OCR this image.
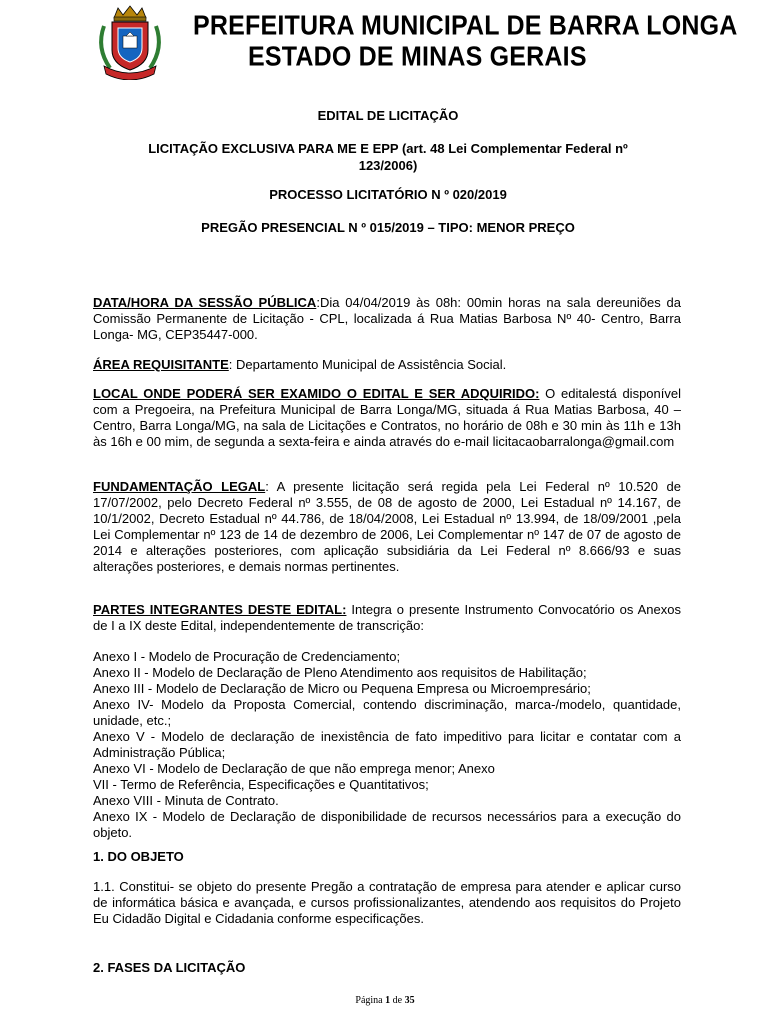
PREFEITURA MUNICIPAL DE BARRA LONGA
ESTADO DE MINAS GERAIS
EDITAL DE LICITAÇÃO
LICITAÇÃO EXCLUSIVA PARA ME E EPP (art. 48 Lei Complementar Federal nº
123/2006)
PROCESSO LICITATÓRIO N º 020/2019
PREGÃO PRESENCIAL N º 015/2019 – TIPO: MENOR PREÇO
DATA/HORA DA SESSÃO PÚBLICA:Dia 04/04/2019 às 08h: 00min horas na sala dereuniões da Comissão Permanente de Licitação - CPL, localizada á Rua Matias Barbosa Nº 40- Centro, Barra Longa- MG, CEP35447-000.
ÁREA REQUISITANTE: Departamento Municipal de Assistência Social.
LOCAL ONDE PODERÁ SER EXAMIDO O EDITAL E SER ADQUIRIDO: O editalestá disponível com a Pregoeira, na Prefeitura Municipal de Barra Longa/MG, situada á Rua Matias Barbosa, 40 – Centro, Barra Longa/MG, na sala de Licitações e Contratos, no horário de 08h e 30 min às 11h e 13h às 16h e 00 mim, de segunda a sexta-feira e ainda através do e-mail licitacaobarralonga@gmail.com
FUNDAMENTAÇÃO LEGAL: A presente licitação será regida pela Lei Federal nº 10.520 de 17/07/2002, pelo Decreto Federal nº 3.555, de 08 de agosto de 2000, Lei Estadual nº 14.167, de 10/1/2002, Decreto Estadual nº 44.786, de 18/04/2008, Lei Estadual nº 13.994, de 18/09/2001 ,pela Lei Complementar nº 123 de 14 de dezembro de 2006, Lei Complementar nº 147 de 07 de agosto de 2014 e alterações posteriores, com aplicação subsidiária da Lei Federal nº 8.666/93 e suas alterações posteriores, e demais normas pertinentes.
PARTES INTEGRANTES DESTE EDITAL: Integra o presente Instrumento Convocatório os Anexos de I a IX deste Edital, independentemente de transcrição:
Anexo I - Modelo de Procuração de Credenciamento;
Anexo II - Modelo de Declaração de Pleno Atendimento aos requisitos de Habilitação;
Anexo III - Modelo de Declaração de Micro ou Pequena Empresa ou Microempresário;
Anexo IV- Modelo da Proposta Comercial, contendo discriminação, marca-/modelo, quantidade, unidade, etc.;
Anexo V - Modelo de declaração de inexistência de fato impeditivo para licitar e contatar com a Administração Pública;
Anexo VI - Modelo de Declaração de que não emprega menor; Anexo
VII - Termo de Referência, Especificações e Quantitativos;
Anexo VIII - Minuta de Contrato.
Anexo IX - Modelo de Declaração de disponibilidade de recursos necessários para a execução do objeto.
1. DO OBJETO
1.1. Constitui- se objeto do presente Pregão a contratação de empresa para atender e aplicar curso de informática básica e avançada, e cursos profissionalizantes, atendendo aos requisitos do Projeto Eu Cidadão Digital e Cidadania conforme especificações.
2. FASES DA LICITAÇÃO
Página 1 de 35
